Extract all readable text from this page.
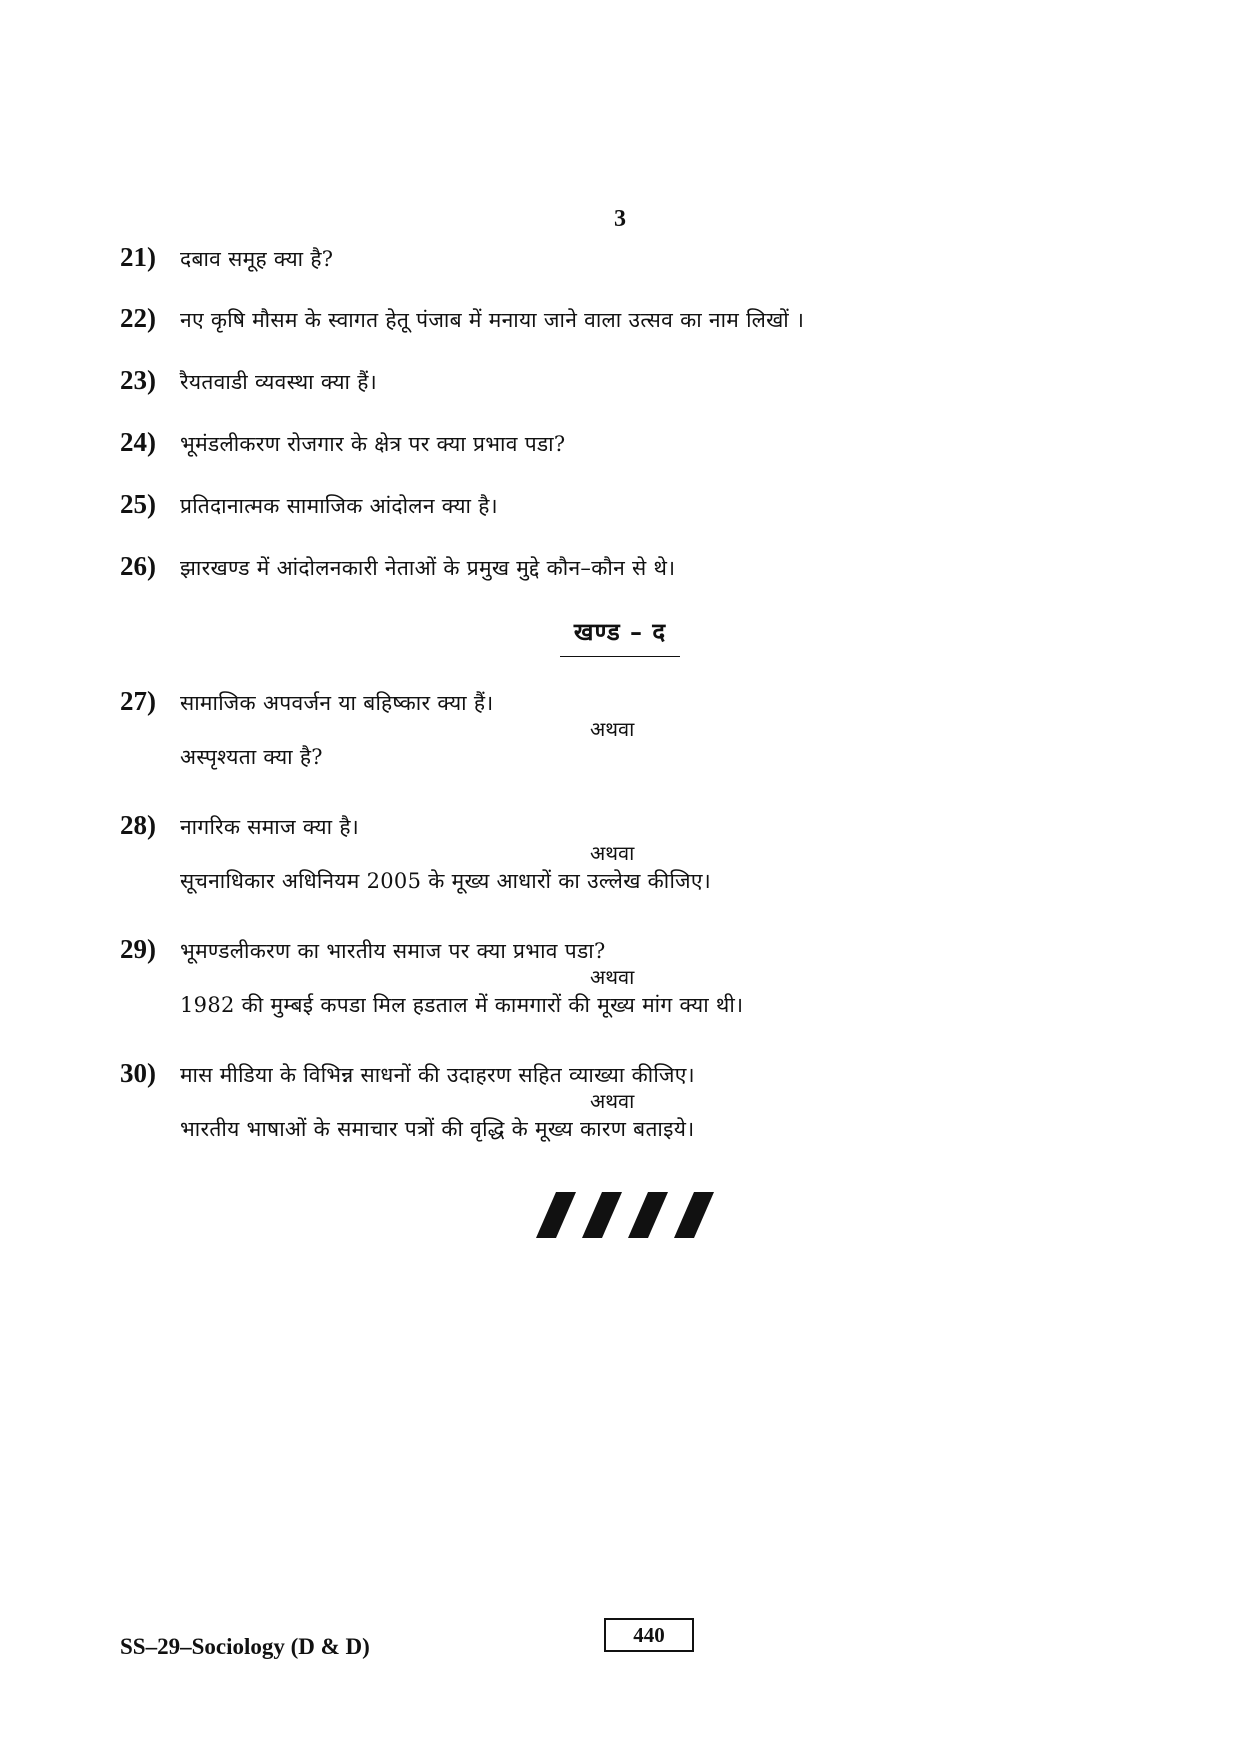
3
21)	दबाव समूह क्या है?
22)	नए कृषि मौसम के स्वागत हेतू पंजाब में मनाया जाने वाला उत्सव का नाम लिखों ।
23)	रैयतवाडी व्यवस्था क्या हैं।
24)	भूमंडलीकरण रोजगार के क्षेत्र पर क्या प्रभाव पडा?
25)	प्रतिदानात्मक सामाजिक आंदोलन क्या है।
26)	झारखण्ड में आंदोलनकारी नेताओं के प्रमुख मुद्दे कौन–कौन से थे।
खण्ड – द
27)	सामाजिक अपवर्जन या बहिष्कार क्या हैं।
अथवा
अस्पृश्यता क्या है?
28)	नागरिक समाज क्या है।
अथवा
सूचनाधिकार अधिनियम 2005 के मूख्य आधारों का उल्लेख कीजिए।
29)	भूमण्डलीकरण का भारतीय समाज पर क्या प्रभाव पडा?
अथवा
1982 की मुम्बई कपडा मिल हडताल में कामगारों की मूख्य मांग क्या थी।
30)	मास मीडिया के विभिन्न साधनों की उदाहरण सहित व्याख्या कीजिए।
अथवा
भारतीय भाषाओं के समाचार पत्रों की वृद्धि के मूख्य कारण बताइये।
SS–29–Sociology (D & D)	440
